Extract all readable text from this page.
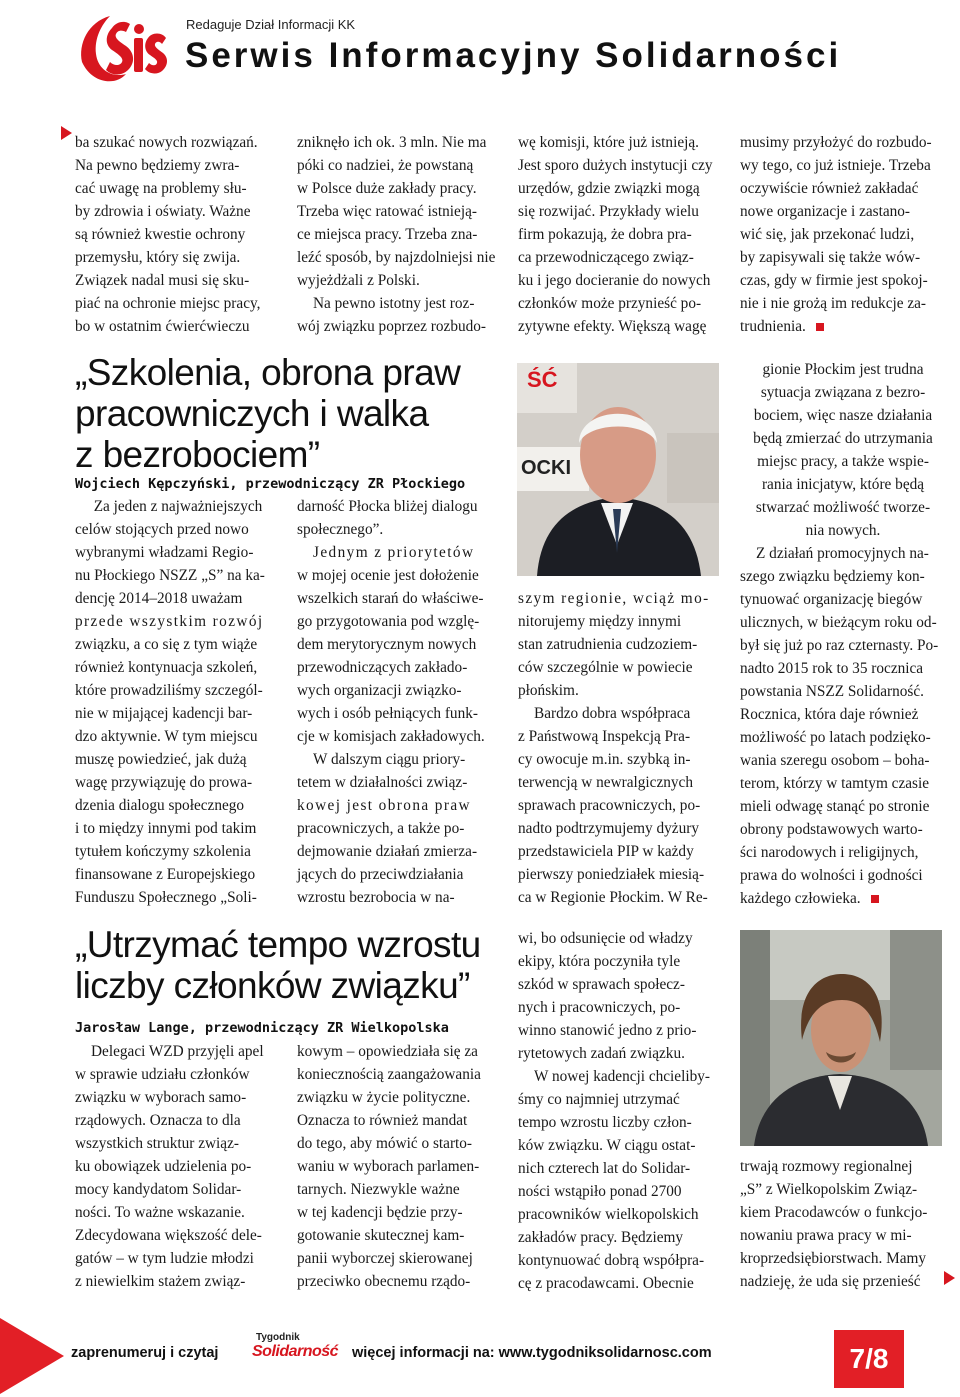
Redaguje Dział Informacji KK
Serwis Informacyjny Solidarności

ba szukać nowych rozwiązań.

Na pewno będziemy zwra-

cać uwagę na problemy słu-

by zdrowia i oświaty. Ważne

są również kwestie ochrony

przemysłu, który się zwija.

Związek nadal musi się sku-

piać na ochronie miejsc pracy,

bo w ostatnim ćwierćwieczu

zniknęło ich ok. 3 mln. Nie ma

póki co nadziei, że powstaną

w Polsce duże zakłady pracy.

Trzeba więc ratować istnieją-

ce miejsca pracy. Trzeba zna-

leźć sposób, by najzdolniejsi nie

wyjeżdżali z Polski.

Na pewno istotny jest roz-

wój związku poprzez rozbudo-

wę komisji, które już istnieją.

Jest sporo dużych instytucji czy

urzędów, gdzie związki mogą

się rozwijać. Przykłady wielu

firm pokazują, że dobra pra-

ca przewodniczącego związ-

ku i jego docieranie do nowych

członków może przynieść po-

zytywne efekty. Większą wagę

musimy przyłożyć do rozbudo-

wy tego, co już istnieje. Trzeba

oczywiście również zakładać

nowe organizacje i zastano-

wić się, jak przekonać ludzi,

by zapisywali się także wów-

czas, gdy w firmie jest spokoj-

nie i nie grożą im redukcje za-

trudnienia.

„Szkolenia, obrona praw
pracowniczych i walka
z bezrobociem”
Wojciech Kępczyński, przewodniczący ZR Płockiego

Za jeden z najważniejszych

celów stojących przed nowo

wybranymi władzami Regio-

nu Płockiego NSZZ „S” na ka-

dencję 2014–2018 uważam

przede wszystkim rozwój

związku, a co się z tym wiąże

również kontynuacja szkoleń,

które prowadziliśmy szczegól-

nie w mijającej kadencji bar-

dzo aktywnie. W tym miejscu

muszę powiedzieć, jak dużą

wagę przywiązuję do prowa-

dzenia dialogu społecznego

i to między innymi pod takim

tytułem kończymy szkolenia

finansowane z Europejskiego

Funduszu Społecznego „Soli-

darność Płocka bliżej dialogu

społecznego”.

Jednym z priorytetów

w mojej ocenie jest dołożenie

wszelkich starań do właściwe-

go przygotowania pod wzglę-

dem merytorycznym nowych

przewodniczących zakłado-

wych organizacji związko-

wych i osób pełniących funk-

cje w komisjach zakładowych.

W dalszym ciągu priory-

tetem w działalności związ-

kowej jest obrona praw

pracowniczych, a także po-

dejmowanie działań zmierza-

jących do przeciwdziałania

wzrostu bezrobocia w na-

ŚĆ
OCKI

szym regionie, wciąż mo-

nitorujemy między innymi

stan zatrudnienia cudzoziem-

ców szczególnie w powiecie

płońskim.

Bardzo dobra współpraca

z Państwową Inspekcją Pra-

cy owocuje m.in. szybką in-

terwencją w newralgicznych

sprawach pracowniczych, po-

nadto podtrzymujemy dyżury

przedstawiciela PIP w każdy

pierwszy poniedziałek miesią-

ca w Regionie Płockim. W Re-

gionie Płockim jest trudna

sytuacja związana z bezro-

bociem, więc nasze działania

będą zmierzać do utrzymania

miejsc pracy, a także wspie-

rania inicjatyw, które będą

stwarzać możliwość tworze-

nia nowych.

Z działań promocyjnych na-

szego związku będziemy kon-

tynuować organizację biegów

ulicznych, w bieżącym roku od-

był się już po raz czternasty. Po-

nadto 2015 rok to 35 rocznica

powstania NSZZ Solidarność.

Rocznica, która daje również

możliwość po latach podzięko-

wania szeregu osobom – boha-

terom, którzy w tamtym czasie

mieli odwagę stanąć po stronie

obrony podstawowych warto-

ści narodowych i religijnych,

prawa do wolności i godności

każdego człowieka.

„Utrzymać tempo wzrostu
liczby członków związku”
Jarosław Lange, przewodniczący ZR Wielkopolska

Delegaci WZD przyjęli apel

w sprawie udziału członków

związku w wyborach samo-

rządowych. Oznacza to dla

wszystkich struktur związ-

ku obowiązek udzielenia po-

mocy kandydatom Solidar-

ności. To ważne wskazanie.

Zdecydowana większość dele-

gatów – w tym ludzie młodzi

z niewielkim stażem związ-

kowym – opowiedziała się za

koniecznością zaangażowania

związku w życie polityczne.

Oznacza to również mandat

do tego, aby mówić o starto-

waniu w wyborach parlamen-

tarnych. Niezwykle ważne

w tej kadencji będzie przy-

gotowanie skutecznej kam-

panii wyborczej skierowanej

przeciwko obecnemu rządo-

wi, bo odsunięcie od władzy

ekipy, która poczyniła tyle

szkód w sprawach społecz-

nych i pracowniczych, po-

winno stanowić jedno z prio-

rytetowych zadań związku.

W nowej kadencji chcieliby-

śmy co najmniej utrzymać

tempo wzrostu liczby człon-

ków związku. W ciągu ostat-

nich czterech lat do Solidar-

ności wstąpiło ponad 2700

pracowników wielkopolskich

zakładów pracy. Będziemy

kontynuować dobrą współpra-

cę z pracodawcami. Obecnie

trwają rozmowy regionalnej

„S” z Wielkopolskim Związ-

kiem Pracodawców o funkcjo-

nowaniu prawa pracy w mi-

kroprzedsiębiorstwach. Mamy

nadzieję, że uda się przenieść

zaprenumeruj i czytaj
Tygodnik
Solidarność więcej informacji na: www.tygodniksolidarnosc.com	7/8
